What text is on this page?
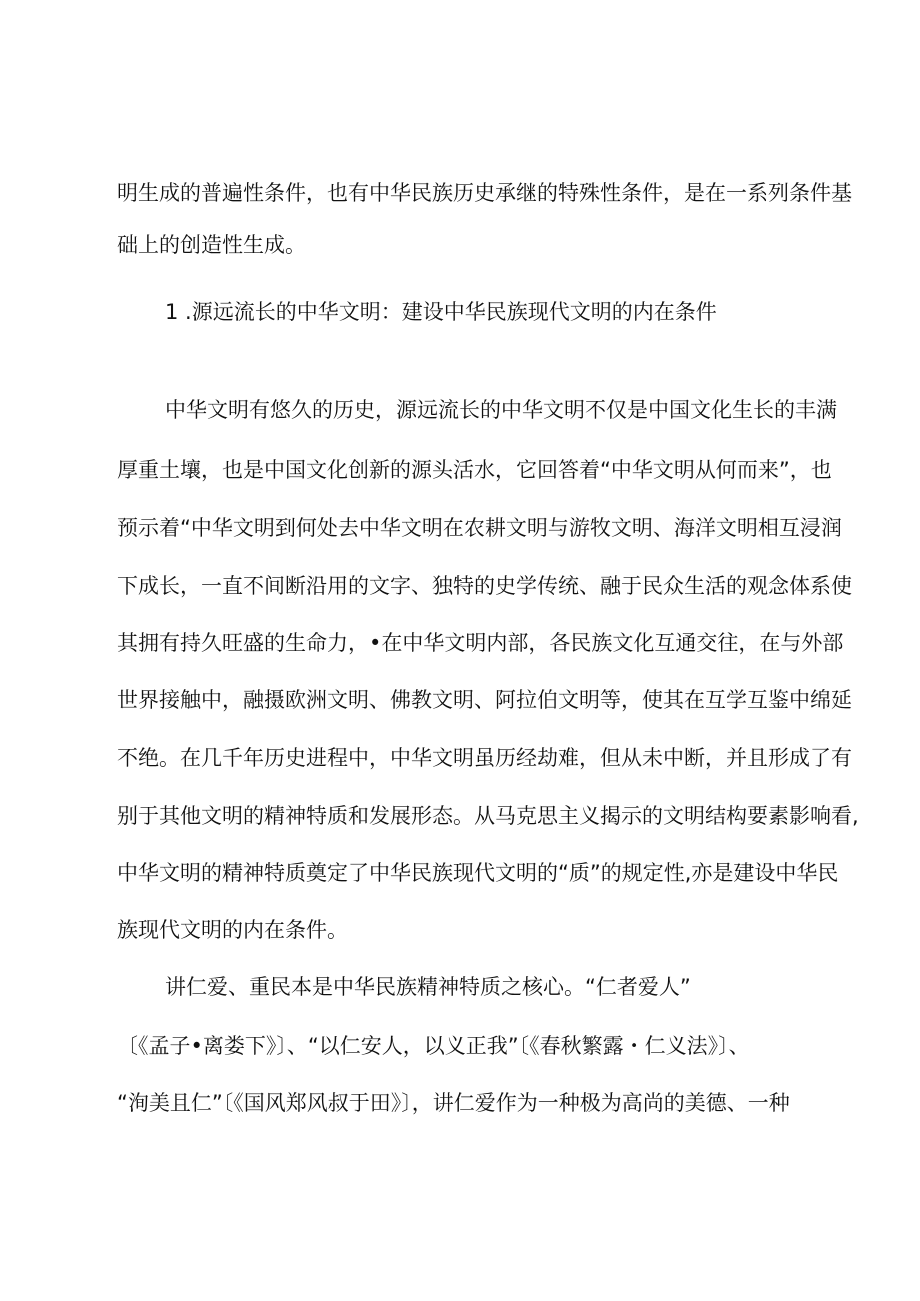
明生成的普遍性条件，也有中华民族历史承继的特殊性条件，是在一系列条件基
础上的创造性生成。
1 .源远流长的中华文明：建设中华民族现代文明的内在条件
中华文明有悠久的历史，源远流长的中华文明不仅是中国文化生长的丰满
厚重土壤，也是中国文化创新的源头活水，它回答着“中华文明从何而来”，也
预示着“中华文明到何处去中华文明在农耕文明与游牧文明、海洋文明相互浸润
下成长，一直不间断沿用的文字、独特的史学传统、融于民众生活的观念体系使
其拥有持久旺盛的生命力，•在中华文明内部，各民族文化互通交往，在与外部
世界接触中，融摄欧洲文明、佛教文明、阿拉伯文明等，使其在互学互鉴中绵延
不绝。在几千年历史进程中，中华文明虽历经劫难，但从未中断，并且形成了有
别于其他文明的精神特质和发展形态。从马克思主义揭示的文明结构要素影响看,
中华文明的精神特质奠定了中华民族现代文明的“质”的规定性,亦是建设中华民
族现代文明的内在条件。
讲仁爱、重民本是中华民族精神特质之核心。“仁者爱人”
〔《孟子•离娄下》〕、“以仁安人，以义正我”〔《春秋繁露・仁义法》〕、
“洵美且仁”〔《国风郑风叔于田》〕，讲仁爱作为一种极为高尚的美德、一种
